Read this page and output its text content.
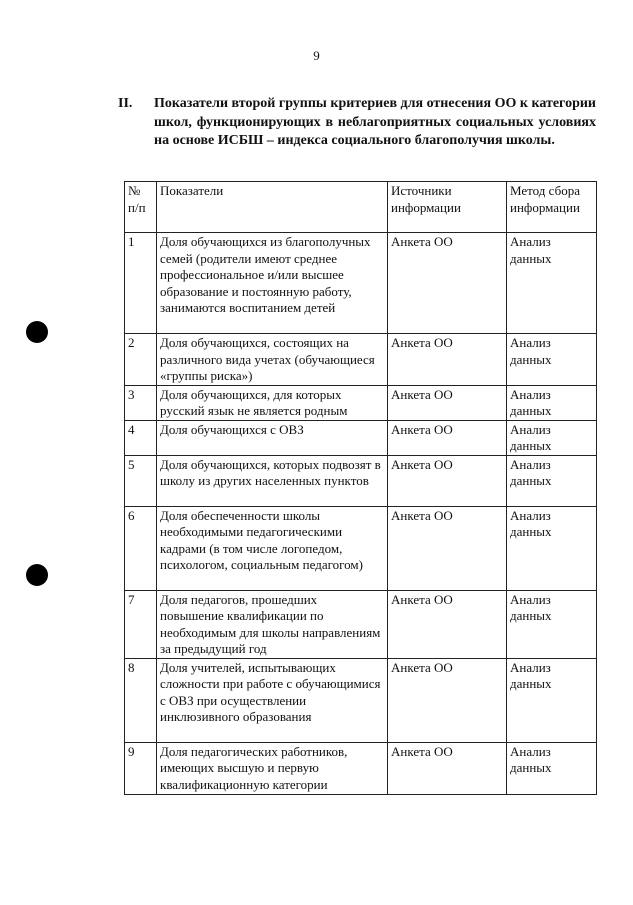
9
II. Показатели второй группы критериев для отнесения ОО к категории школ, функционирующих в неблагоприятных социальных условиях на основе ИСБШ – индекса социального благополучия школы.
№ п/п	Показатели	Источники информации	Метод сбора информации
1	Доля обучающихся из благополучных семей (родители имеют среднее профессиональное и/или высшее образование и постоянную работу, занимаются воспитанием детей	Анкета ОО	Анализ данных
2	Доля обучающихся, состоящих на различного вида учетах (обучающиеся «группы риска»)	Анкета ОО	Анализ данных
3	Доля обучающихся, для которых русский язык не является родным	Анкета ОО	Анализ данных
4	Доля обучающихся с ОВЗ	Анкета ОО	Анализ данных
5	Доля обучающихся, которых подвозят в школу из других населенных пунктов	Анкета ОО	Анализ данных
6	Доля обеспеченности школы необходимыми педагогическими кадрами (в том числе логопедом, психологом, социальным педагогом)	Анкета ОО	Анализ данных
7	Доля педагогов, прошедших повышение квалификации по необходимым для школы направлениям за предыдущий год	Анкета ОО	Анализ данных
8	Доля учителей, испытывающих сложности при работе с обучающимися с ОВЗ при осуществлении инклюзивного образования	Анкета ОО	Анализ данных
9	Доля педагогических работников, имеющих высшую и первую квалификационную категории	Анкета ОО	Анализ данных
